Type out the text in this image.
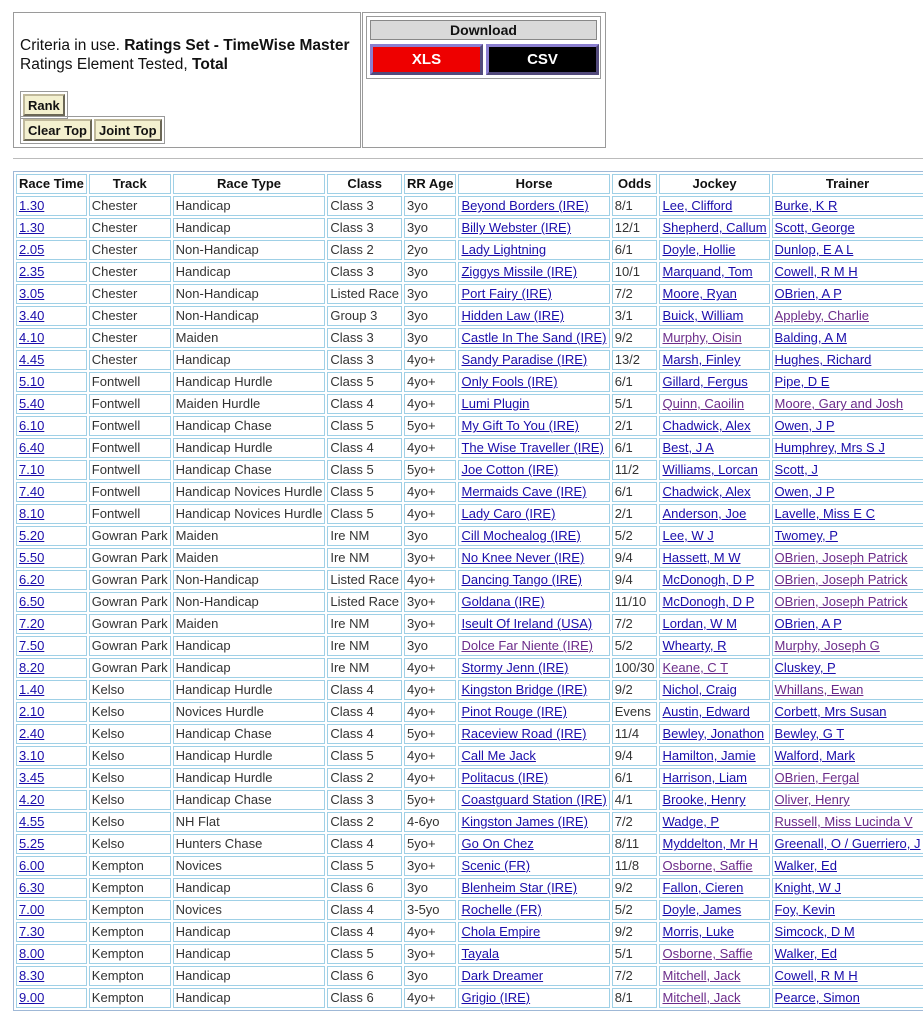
Criteria in use. Ratings Set - TimeWise Master
Ratings Element Tested, Total
Rank
Clear Top Joint Top
Download
XLS	CSV
Race Time	Track	Race Type	Class	RR Age	Horse	Odds	Jockey	Trainer	
1.30	Chester	Handicap	Class 3	3yo	Beyond Borders (IRE)	8/1	Lee, Clifford	Burke, K R	
1.30	Chester	Handicap	Class 3	3yo	Billy Webster (IRE)	12/1	Shepherd, Callum	Scott, George	
2.05	Chester	Non-Handicap	Class 2	2yo	Lady Lightning	6/1	Doyle, Hollie	Dunlop, E A L	
2.35	Chester	Handicap	Class 3	3yo	Ziggys Missile (IRE)	10/1	Marquand, Tom	Cowell, R M H	
3.05	Chester	Non-Handicap	Listed Race	3yo	Port Fairy (IRE)	7/2	Moore, Ryan	OBrien, A P	
3.40	Chester	Non-Handicap	Group 3	3yo	Hidden Law (IRE)	3/1	Buick, William	Appleby, Charlie	
4.10	Chester	Maiden	Class 3	3yo	Castle In The Sand (IRE)	9/2	Murphy, Oisin	Balding, A M	
4.45	Chester	Handicap	Class 3	4yo+	Sandy Paradise (IRE)	13/2	Marsh, Finley	Hughes, Richard	
5.10	Fontwell	Handicap Hurdle	Class 5	4yo+	Only Fools (IRE)	6/1	Gillard, Fergus	Pipe, D E	
5.40	Fontwell	Maiden Hurdle	Class 4	4yo+	Lumi Plugin	5/1	Quinn, Caoilin	Moore, Gary and Josh	
6.10	Fontwell	Handicap Chase	Class 5	5yo+	My Gift To You (IRE)	2/1	Chadwick, Alex	Owen, J P	
6.40	Fontwell	Handicap Hurdle	Class 4	4yo+	The Wise Traveller (IRE)	6/1	Best, J A	Humphrey, Mrs S J	
7.10	Fontwell	Handicap Chase	Class 5	5yo+	Joe Cotton (IRE)	11/2	Williams, Lorcan	Scott, J	
7.40	Fontwell	Handicap Novices Hurdle	Class 5	4yo+	Mermaids Cave (IRE)	6/1	Chadwick, Alex	Owen, J P	
8.10	Fontwell	Handicap Novices Hurdle	Class 5	4yo+	Lady Caro (IRE)	2/1	Anderson, Joe	Lavelle, Miss E C	
5.20	Gowran Park	Maiden	Ire NM	3yo	Cill Mochealog (IRE)	5/2	Lee, W J	Twomey, P	
5.50	Gowran Park	Maiden	Ire NM	3yo+	No Knee Never (IRE)	9/4	Hassett, M W	OBrien, Joseph Patrick	
6.20	Gowran Park	Non-Handicap	Listed Race	4yo+	Dancing Tango (IRE)	9/4	McDonogh, D P	OBrien, Joseph Patrick	
6.50	Gowran Park	Non-Handicap	Listed Race	3yo+	Goldana (IRE)	11/10	McDonogh, D P	OBrien, Joseph Patrick	
7.20	Gowran Park	Maiden	Ire NM	3yo+	Iseult Of Ireland (USA)	7/2	Lordan, W M	OBrien, A P	
7.50	Gowran Park	Handicap	Ire NM	3yo	Dolce Far Niente (IRE)	5/2	Whearty, R	Murphy, Joseph G	
8.20	Gowran Park	Handicap	Ire NM	4yo+	Stormy Jenn (IRE)	100/30	Keane, C T	Cluskey, P	
1.40	Kelso	Handicap Hurdle	Class 4	4yo+	Kingston Bridge (IRE)	9/2	Nichol, Craig	Whillans, Ewan	
2.10	Kelso	Novices Hurdle	Class 4	4yo+	Pinot Rouge (IRE)	Evens	Austin, Edward	Corbett, Mrs Susan	
2.40	Kelso	Handicap Chase	Class 4	5yo+	Raceview Road (IRE)	11/4	Bewley, Jonathon	Bewley, G T	
3.10	Kelso	Handicap Hurdle	Class 5	4yo+	Call Me Jack	9/4	Hamilton, Jamie	Walford, Mark	
3.45	Kelso	Handicap Hurdle	Class 2	4yo+	Politacus (IRE)	6/1	Harrison, Liam	OBrien, Fergal	
4.20	Kelso	Handicap Chase	Class 3	5yo+	Coastguard Station (IRE)	4/1	Brooke, Henry	Oliver, Henry	
4.55	Kelso	NH Flat	Class 2	4-6yo	Kingston James (IRE)	7/2	Wadge, P	Russell, Miss Lucinda V	
5.25	Kelso	Hunters Chase	Class 4	5yo+	Go On Chez	8/11	Myddelton, Mr H	Greenall, O / Guerriero, J	
6.00	Kempton	Novices	Class 5	3yo+	Scenic (FR)	11/8	Osborne, Saffie	Walker, Ed	
6.30	Kempton	Handicap	Class 6	3yo	Blenheim Star (IRE)	9/2	Fallon, Cieren	Knight, W J	
7.00	Kempton	Novices	Class 4	3-5yo	Rochelle (FR)	5/2	Doyle, James	Foy, Kevin	
7.30	Kempton	Handicap	Class 4	4yo+	Chola Empire	9/2	Morris, Luke	Simcock, D M	
8.00	Kempton	Handicap	Class 5	3yo+	Tayala	5/1	Osborne, Saffie	Walker, Ed	
8.30	Kempton	Handicap	Class 6	3yo	Dark Dreamer	7/2	Mitchell, Jack	Cowell, R M H	
9.00	Kempton	Handicap	Class 6	4yo+	Grigio (IRE)	8/1	Mitchell, Jack	Pearce, Simon	
